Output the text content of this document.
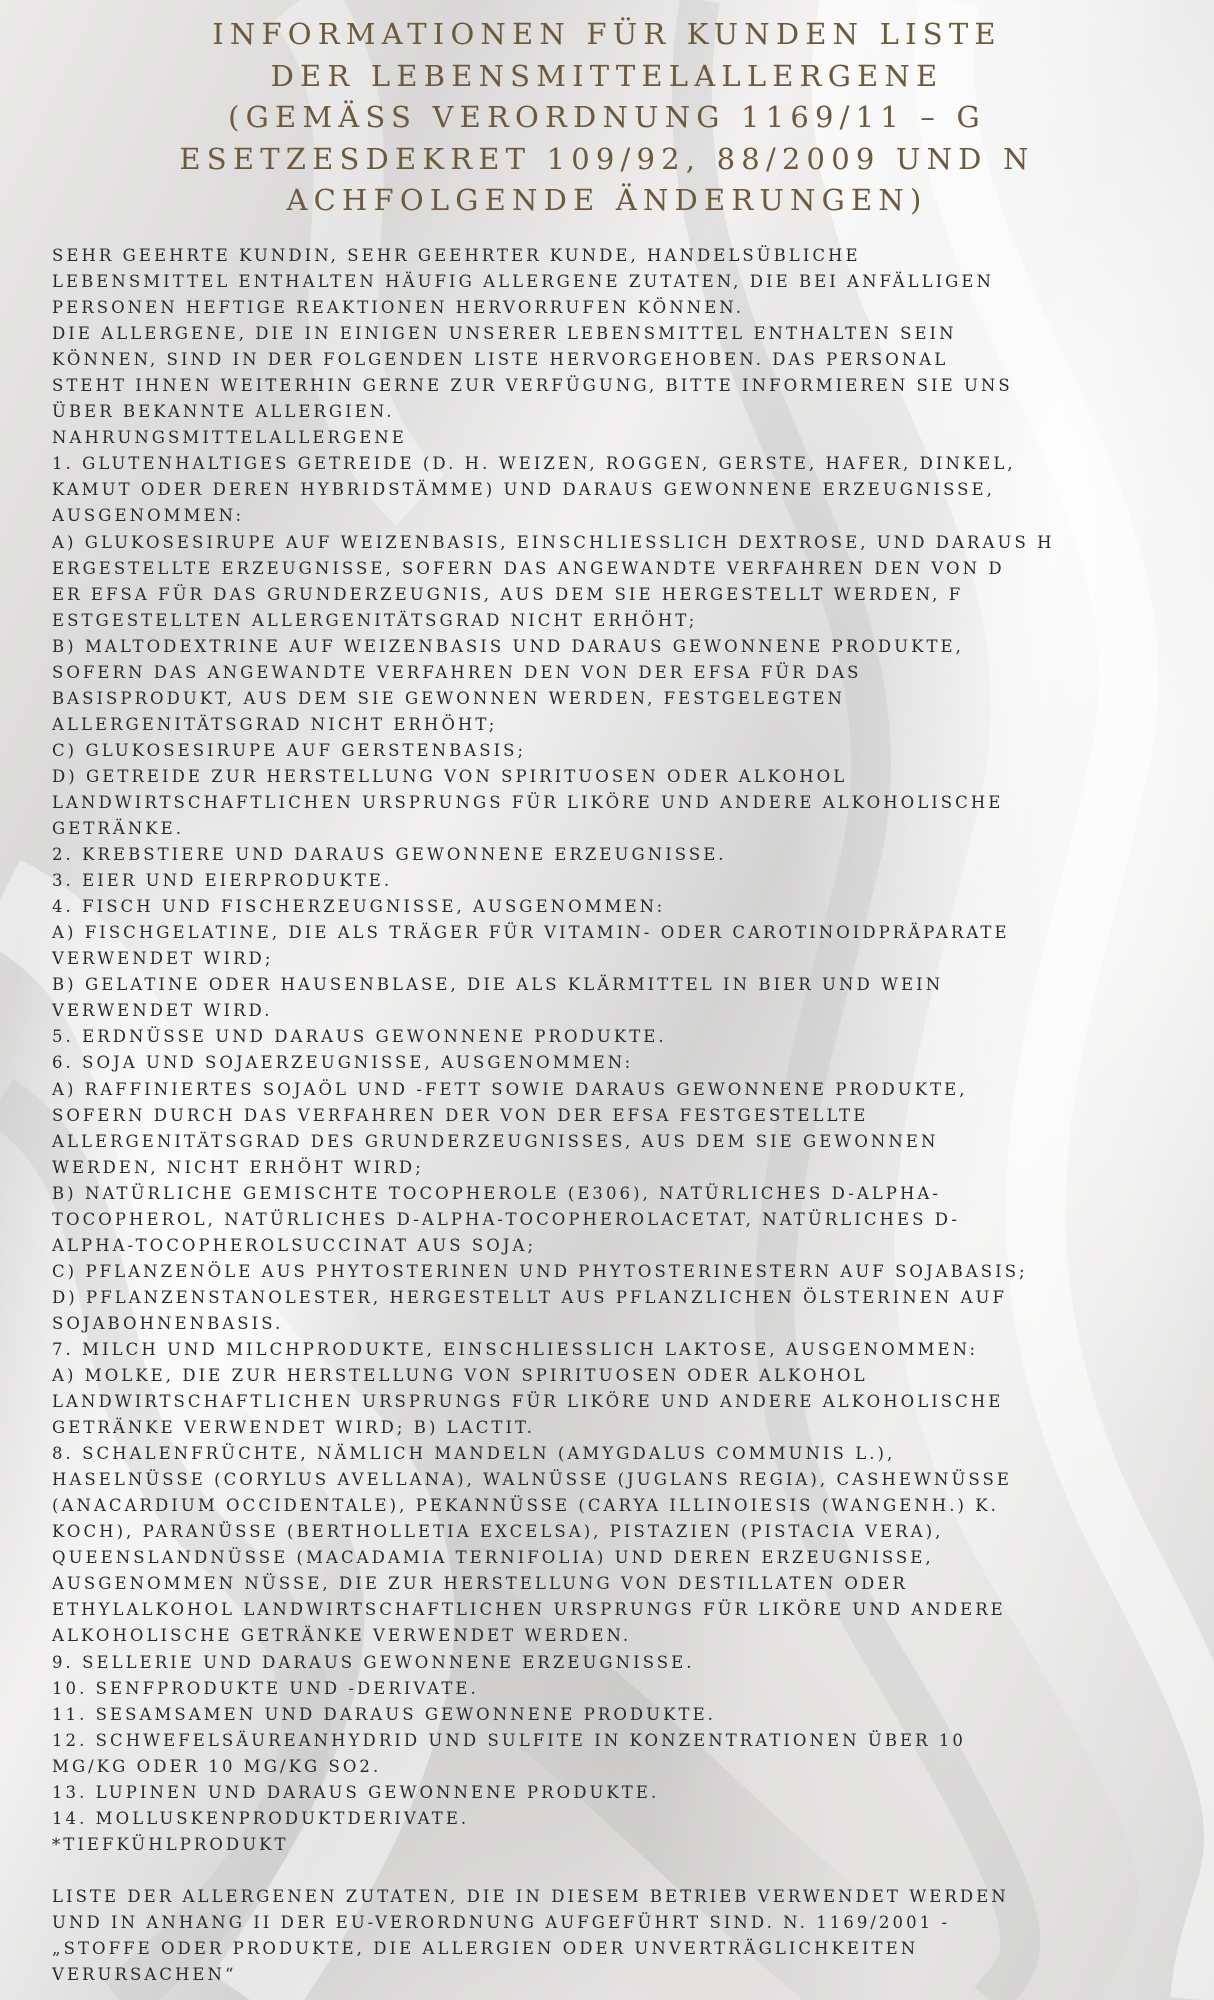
INFORMATIONEN FÜR KUNDEN LISTE
DER LEBENSMITTELALLERGENE
(GEMÄSS VERORDNUNG 1169/11 – G
ESETZESDEKRET 109/92, 88/2009 UND N
ACHFOLGENDE ÄNDERUNGEN)
SEHR GEEHRTE KUNDIN, SEHR GEEHRTER KUNDE, HANDELSÜBLICHE
LEBENSMITTEL ENTHALTEN HÄUFIG ALLERGENE ZUTATEN, DIE BEI ANFÄLLIGEN
PERSONEN HEFTIGE REAKTIONEN HERVORRUFEN KÖNNEN.
DIE ALLERGENE, DIE IN EINIGEN UNSERER LEBENSMITTEL ENTHALTEN SEIN
KÖNNEN, SIND IN DER FOLGENDEN LISTE HERVORGEHOBEN. DAS PERSONAL
STEHT IHNEN WEITERHIN GERNE ZUR VERFÜGUNG, BITTE INFORMIEREN SIE UNS
ÜBER BEKANNTE ALLERGIEN.
NAHRUNGSMITTELALLERGENE
1. GLUTENHALTIGES GETREIDE (D. H. WEIZEN, ROGGEN, GERSTE, HAFER, DINKEL,
KAMUT ODER DEREN HYBRIDSTÄMME) UND DARAUS GEWONNENE ERZEUGNISSE,
AUSGENOMMEN:
A) GLUKOSESIRUPE AUF WEIZENBASIS, EINSCHLIESSLICH DEXTROSE, UND DARAUS H
ERGESTELLTE ERZEUGNISSE, SOFERN DAS ANGEWANDTE VERFAHREN DEN VON D
ER EFSA FÜR DAS GRUNDERZEUGNIS, AUS DEM SIE HERGESTELLT WERDEN, F
ESTGESTELLTEN ALLERGENITÄTSGRAD NICHT ERHÖHT;
B) MALTODEXTRINE AUF WEIZENBASIS UND DARAUS GEWONNENE PRODUKTE,
SOFERN DAS ANGEWANDTE VERFAHREN DEN VON DER EFSA FÜR DAS
BASISPRODUKT, AUS DEM SIE GEWONNEN WERDEN, FESTGELEGTEN
ALLERGENITÄTSGRAD NICHT ERHÖHT;
C) GLUKOSESIRUPE AUF GERSTENBASIS;
D) GETREIDE ZUR HERSTELLUNG VON SPIRITUOSEN ODER ALKOHOL
LANDWIRTSCHAFTLICHEN URSPRUNGS FÜR LIKÖRE UND ANDERE ALKOHOLISCHE
GETRÄNKE.
2. KREBSTIERE UND DARAUS GEWONNENE ERZEUGNISSE.
3. EIER UND EIERPRODUKTE.
4. FISCH UND FISCHERZEUGNISSE, AUSGENOMMEN:
A) FISCHGELATINE, DIE ALS TRÄGER FÜR VITAMIN- ODER CAROTINOIDPRÄPARATE
VERWENDET WIRD;
B) GELATINE ODER HAUSENBLASE, DIE ALS KLÄRMITTEL IN BIER UND WEIN
VERWENDET WIRD.
5. ERDNÜSSE UND DARAUS GEWONNENE PRODUKTE.
6. SOJA UND SOJAERZEUGNISSE, AUSGENOMMEN:
A) RAFFINIERTES SOJAÖL UND -FETT SOWIE DARAUS GEWONNENE PRODUKTE,
SOFERN DURCH DAS VERFAHREN DER VON DER EFSA FESTGESTELLTE
ALLERGENITÄTSGRAD DES GRUNDERZEUGNISSES, AUS DEM SIE GEWONNEN
WERDEN, NICHT ERHÖHT WIRD;
B) NATÜRLICHE GEMISCHTE TOCOPHEROLE (E306), NATÜRLICHES D-ALPHA-
TOCOPHEROL, NATÜRLICHES D-ALPHA-TOCOPHEROLACETAT, NATÜRLICHES D-
ALPHA-TOCOPHEROLSUCCINAT AUS SOJA;
C) PFLANZENÖLE AUS PHYTOSTERINEN UND PHYTOSTERINESTERN AUF SOJABASIS;
D) PFLANZENSTANOLESTER, HERGESTELLT AUS PFLANZLICHEN ÖLSTERINEN AUF
SOJABOHNENBASIS.
7. MILCH UND MILCHPRODUKTE, EINSCHLIESSLICH LAKTOSE, AUSGENOMMEN:
A) MOLKE, DIE ZUR HERSTELLUNG VON SPIRITUOSEN ODER ALKOHOL
LANDWIRTSCHAFTLICHEN URSPRUNGS FÜR LIKÖRE UND ANDERE ALKOHOLISCHE
GETRÄNKE VERWENDET WIRD; B) LACTIT.
8. SCHALENFRÜCHTE, NÄMLICH MANDELN (AMYGDALUS COMMUNIS L.),
HASELNÜSSE (CORYLUS AVELLANA), WALNÜSSE (JUGLANS REGIA), CASHEWNÜSSE
(ANACARDIUM OCCIDENTALE), PEKANNÜSSE (CARYA ILLINOIESIS (WANGENH.) K.
KOCH), PARANÜSSE (BERTHOLLETIA EXCELSA), PISTAZIEN (PISTACIA VERA),
QUEENSLANDNÜSSE (MACADAMIA TERNIFOLIA) UND DEREN ERZEUGNISSE,
AUSGENOMMEN NÜSSE, DIE ZUR HERSTELLUNG VON DESTILLATEN ODER
ETHYLALKOHOL LANDWIRTSCHAFTLICHEN URSPRUNGS FÜR LIKÖRE UND ANDERE
ALKOHOLISCHE GETRÄNKE VERWENDET WERDEN.
9. SELLERIE UND DARAUS GEWONNENE ERZEUGNISSE.
10. SENFPRODUKTE UND -DERIVATE.
11. SESAMSAMEN UND DARAUS GEWONNENE PRODUKTE.
12. SCHWEFELSÄUREANHYDRID UND SULFITE IN KONZENTRATIONEN ÜBER 10
MG/KG ODER 10 MG/KG SO2.
13. LUPINEN UND DARAUS GEWONNENE PRODUKTE.
14. MOLLUSKENPRODUKTDERIVATE.
*TIEFKÜHLPRODUKT
LISTE DER ALLERGENEN ZUTATEN, DIE IN DIESEM BETRIEB VERWENDET WERDEN
UND IN ANHANG II DER EU-VERORDNUNG AUFGEFÜHRT SIND. N. 1169/2001 -
„STOFFE ODER PRODUKTE, DIE ALLERGIEN ODER UNVERTRÄGLICHKEITEN
VERURSACHEN“
